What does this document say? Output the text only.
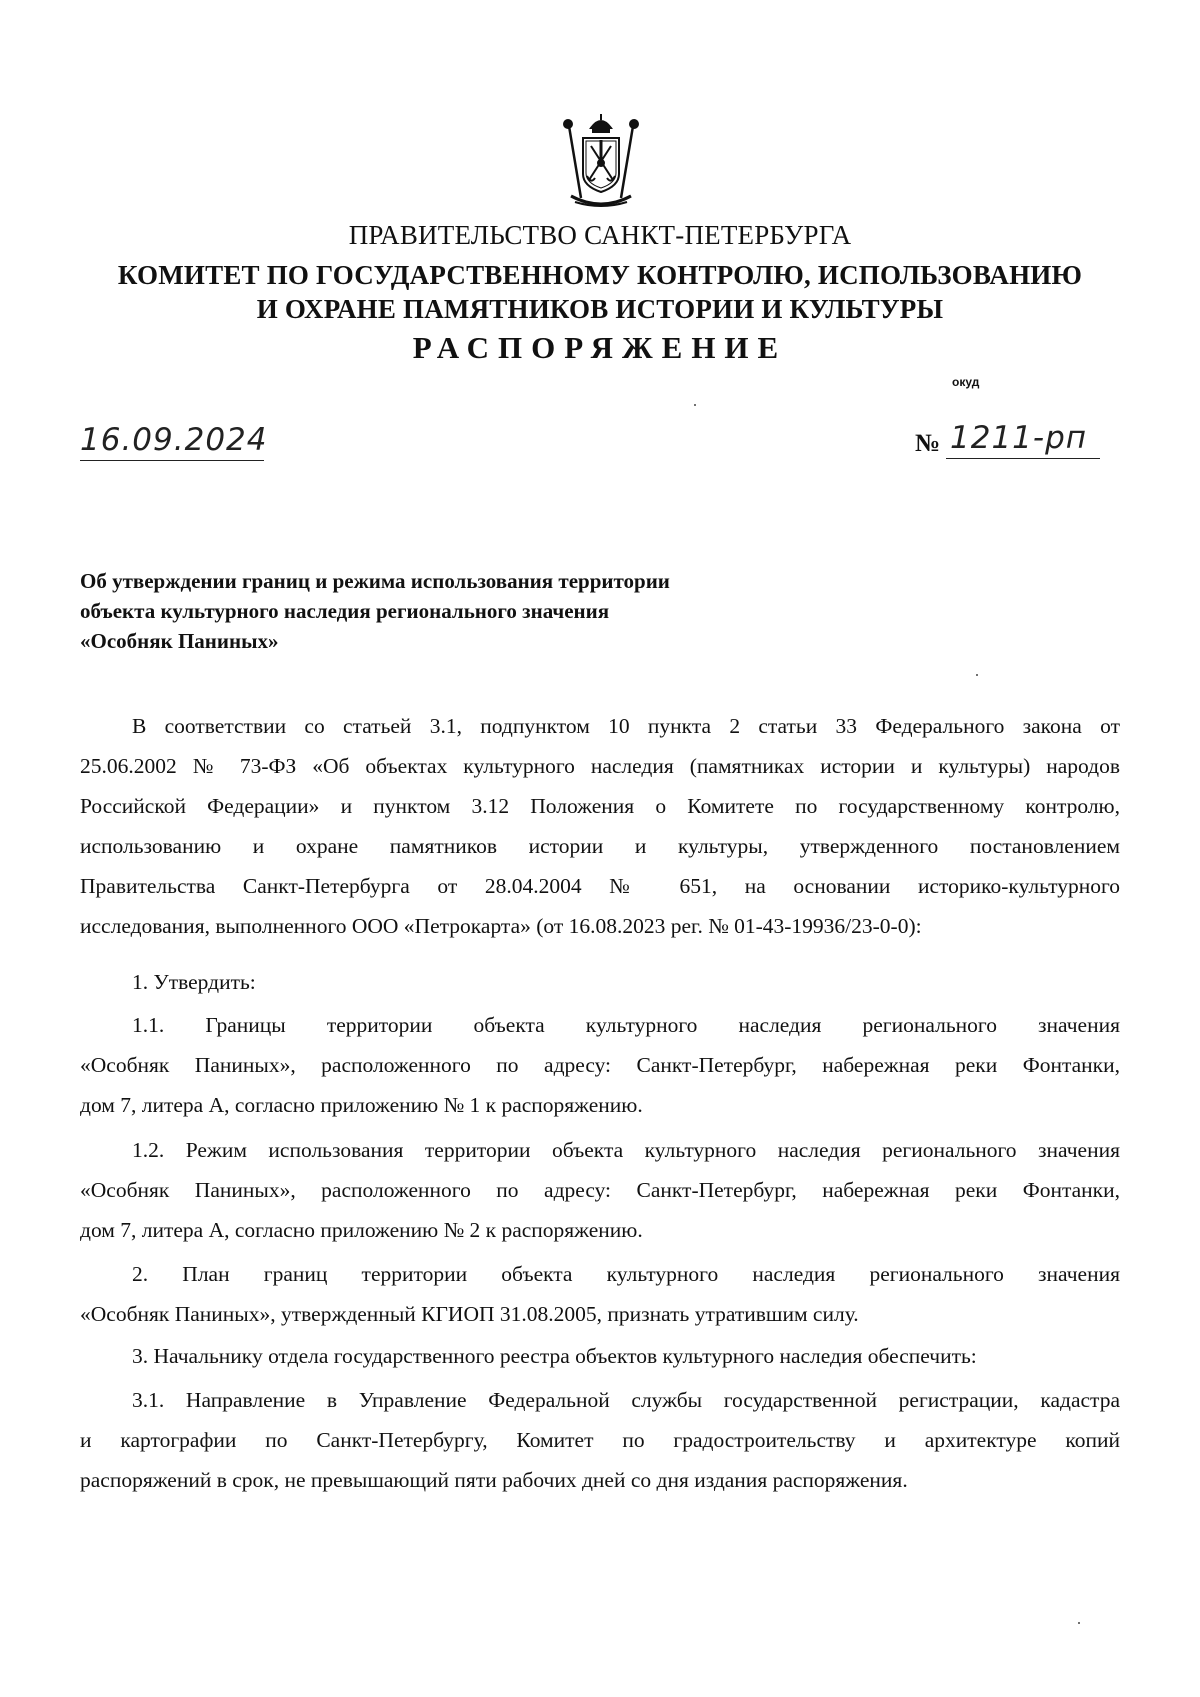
ПРАВИТЕЛЬСТВО САНКТ-ПЕТЕРБУРГА
КОМИТЕТ ПО ГОСУДАРСТВЕННОМУ КОНТРОЛЮ, ИСПОЛЬЗОВАНИЮ
И ОХРАНЕ ПАМЯТНИКОВ ИСТОРИИ И КУЛЬТУРЫ
РАСПОРЯЖЕНИЕ
окуд
16.09.2024	№ 1211-рп
Об утверждении границ и режима использования территории
объекта культурного наследия регионального значения
«Особняк Паниных»
В соответствии со статьей 3.1, подпунктом 10 пункта 2 статьи 33 Федерального закона от
25.06.2002 № 73-ФЗ «Об объектах культурного наследия (памятниках истории и культуры) народов
Российской Федерации» и пунктом 3.12 Положения о Комитете по государственному контролю,
использованию и охране памятников истории и культуры, утвержденного постановлением
Правительства Санкт-Петербурга от 28.04.2004 № 651, на основании историко-культурного
исследования, выполненного ООО «Петрокарта» (от 16.08.2023 рег. № 01-43-19936/23-0-0):
1. Утвердить:
1.1. Границы территории объекта культурного наследия регионального значения
«Особняк Паниных», расположенного по адресу: Санкт-Петербург, набережная реки Фонтанки,
дом 7, литера А, согласно приложению № 1 к распоряжению.
1.2. Режим использования территории объекта культурного наследия регионального значения
«Особняк Паниных», расположенного по адресу: Санкт-Петербург, набережная реки Фонтанки,
дом 7, литера А, согласно приложению № 2 к распоряжению.
2. План границ территории объекта культурного наследия регионального значения
«Особняк Паниных», утвержденный КГИОП 31.08.2005, признать утратившим силу.
3. Начальнику отдела государственного реестра объектов культурного наследия обеспечить:
3.1. Направление в Управление Федеральной службы государственной регистрации, кадастра
и картографии по Санкт-Петербургу, Комитет по градостроительству и архитектуре копий
распоряжений в срок, не превышающий пяти рабочих дней со дня издания распоряжения.
